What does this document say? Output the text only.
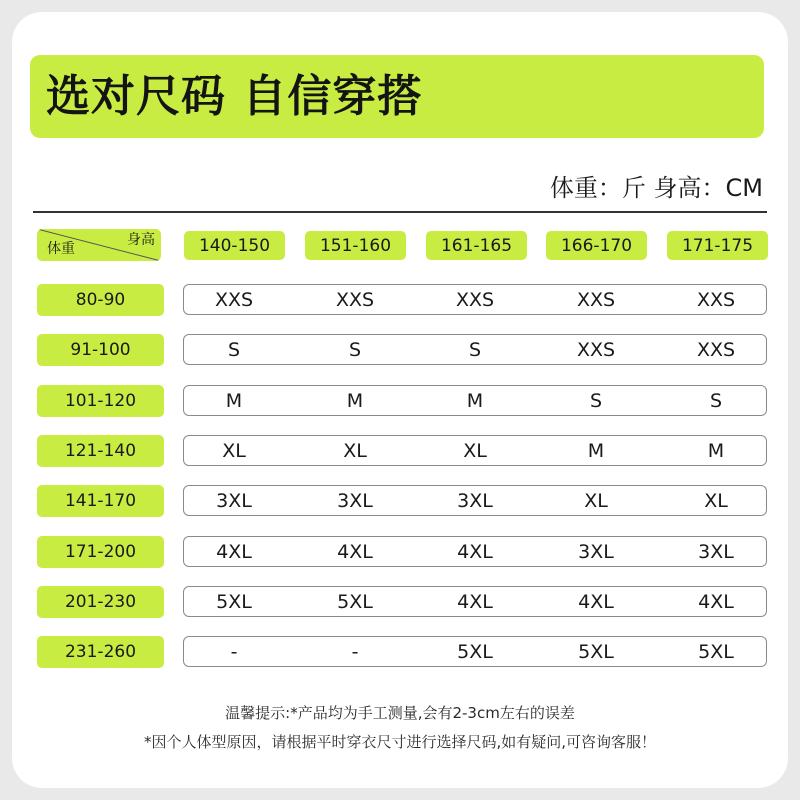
选对尺码 自信穿搭
体重：斤 身高：CM
体重
身高	140-150	151-160	161-165	166-170	171-175
80-90	XXS	XXS	XXS	XXS	XXS
91-100	S	S	S	XXS	XXS
101-120	M	M	M	S	S
121-140	XL	XL	XL	M	M
141-170	3XL	3XL	3XL	XL	XL
171-200	4XL	4XL	4XL	3XL	3XL
201-230	5XL	5XL	4XL	4XL	4XL
231-260	-	-	5XL	5XL	5XL
温馨提示:*产品均为手工测量,会有2-3cm左右的误差
*因个人体型原因，请根据平时穿衣尺寸进行选择尺码,如有疑问,可咨询客服！
